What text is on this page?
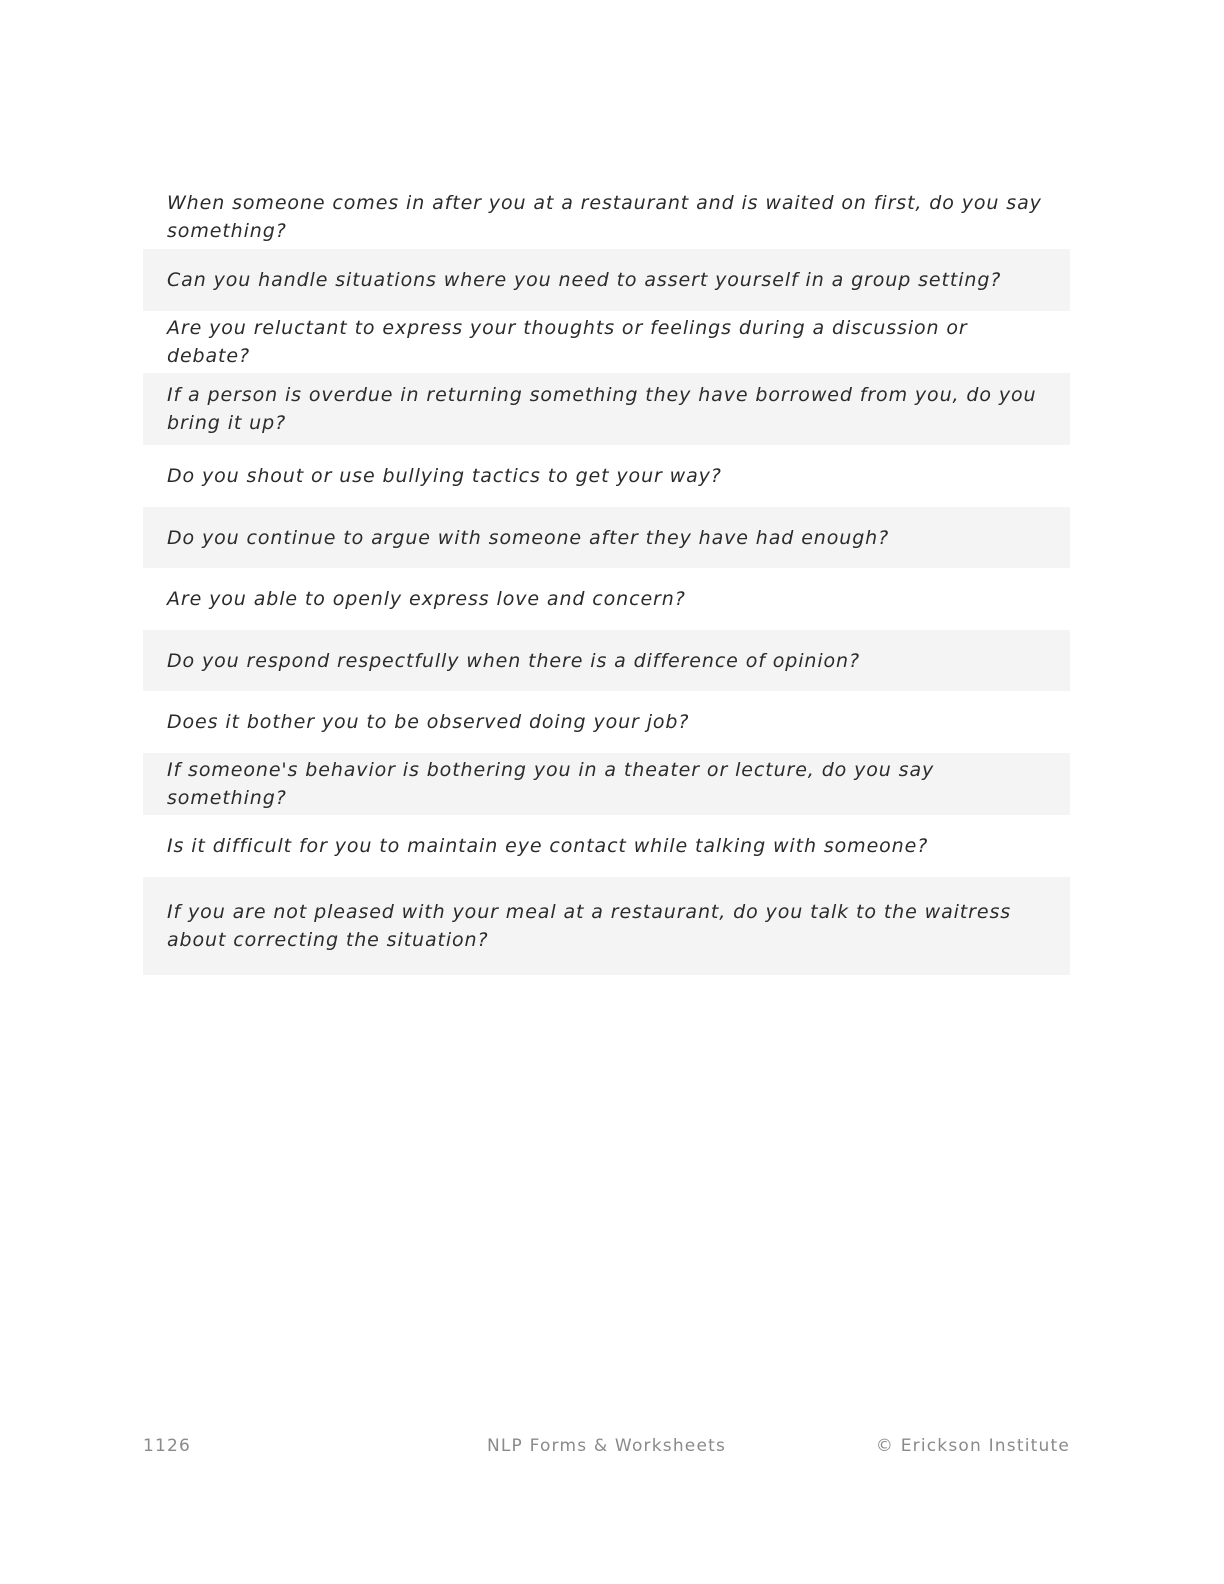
When someone comes in after you at a restaurant and is waited on first, do you say something?
Can you handle situations where you need to assert yourself in a group setting?
Are you reluctant to express your thoughts or feelings during a discussion or debate?
If a person is overdue in returning something they have borrowed from you, do you bring it up?
Do you shout or use bullying tactics to get your way?
Do you continue to argue with someone after they have had enough?
Are you able to openly express love and concern?
Do you respond respectfully when there is a difference of opinion?
Does it bother you to be observed doing your job?
If someone's behavior is bothering you in a theater or lecture, do you say something?
Is it difficult for you to maintain eye contact while talking with someone?
If you are not pleased with your meal at a restaurant, do you talk to the waitress about correcting the situation?
1126	NLP Forms & Worksheets	© Erickson Institute
